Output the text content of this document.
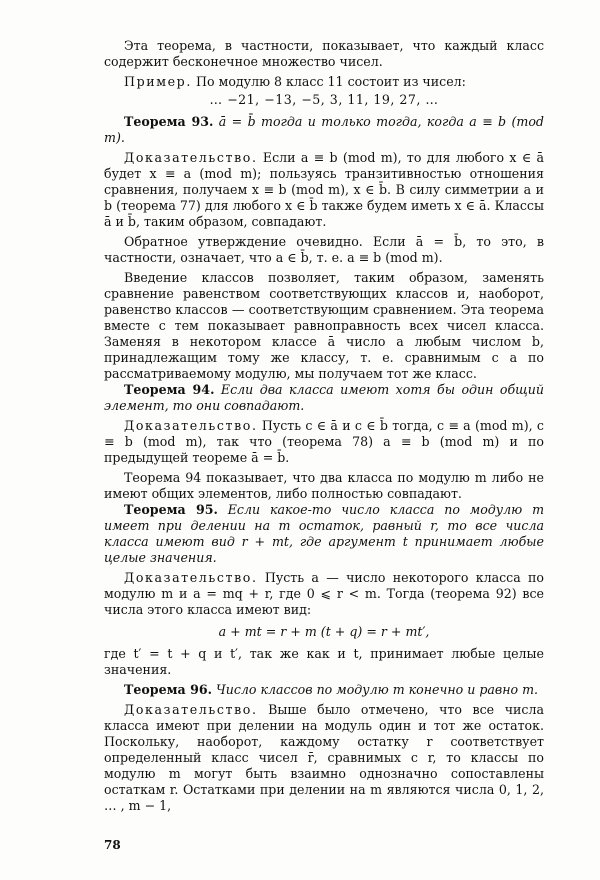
Эта теорема, в частности, показывает, что каждый класс содержит бесконечное множество чисел.

Пример. По модулю 8 класс 11 состоит из чисел:

… −21, −13, −5, 3, 11, 19, 27, …

Теорема 93. ā = b̄ тогда и только тогда, когда a ≡ b (mod m).

Доказательство. Если a ≡ b (mod m), то для любого x ∈ ā будет x ≡ a (mod m); пользуясь транзитивностью отношения сравнения, получаем x ≡ b (mod m), x ∈ b̄. В силу симметрии a и b (теорема 77) для любого x ∈ b̄ также будем иметь x ∈ ā. Классы ā и b̄, таким образом, совпадают.

Обратное утверждение очевидно. Если ā = b̄, то это, в частности, означает, что a ∈ b̄, т. е. a ≡ b (mod m).

Введение классов позволяет, таким образом, заменять сравнение равенством соответствующих классов и, наоборот, равенство классов — соответствующим сравнением. Эта теорема вместе с тем показывает равноправность всех чисел класса. Заменяя в некотором классе ā число a любым числом b, принадлежащим тому же классу, т. е. сравнимым с a по рассматриваемому модулю, мы получаем тот же класс.

Теорема 94. Если два класса имеют хотя бы один общий элемент, то они совпадают.

Доказательство. Пусть c ∈ ā и c ∈ b̄ тогда, c ≡ a (mod m), c ≡ b (mod m), так что (теорема 78) a ≡ b (mod m) и по предыдущей теореме ā = b̄.

Теорема 94 показывает, что два класса по модулю m либо не имеют общих элементов, либо полностью совпадают.

Теорема 95. Если какое-то число класса по модулю m имеет при делении на m остаток, равный r, то все числа класса имеют вид r + mt, где аргумент t принимает любые целые значения.

Доказательство. Пусть a — число некоторого класса по модулю m и a = mq + r, где 0 ⩽ r < m. Тогда (теорема 92) все числа этого класса имеют вид:

a + mt = r + m (t + q) = r + mt′,

где t′ = t + q и t′, так же как и t, принимает любые целые значения.

Теорема 96. Число классов по модулю m конечно и равно m.

Доказательство. Выше было отмечено, что все числа класса имеют при делении на модуль один и тот же остаток. Поскольку, наоборот, каждому остатку r соответствует определенный класс чисел r̄, сравнимых с r, то классы по модулю m могут быть взаимно однозначно сопоставлены остаткам r. Остатками при делении на m являются числа 0, 1, 2, … , m − 1,

78
